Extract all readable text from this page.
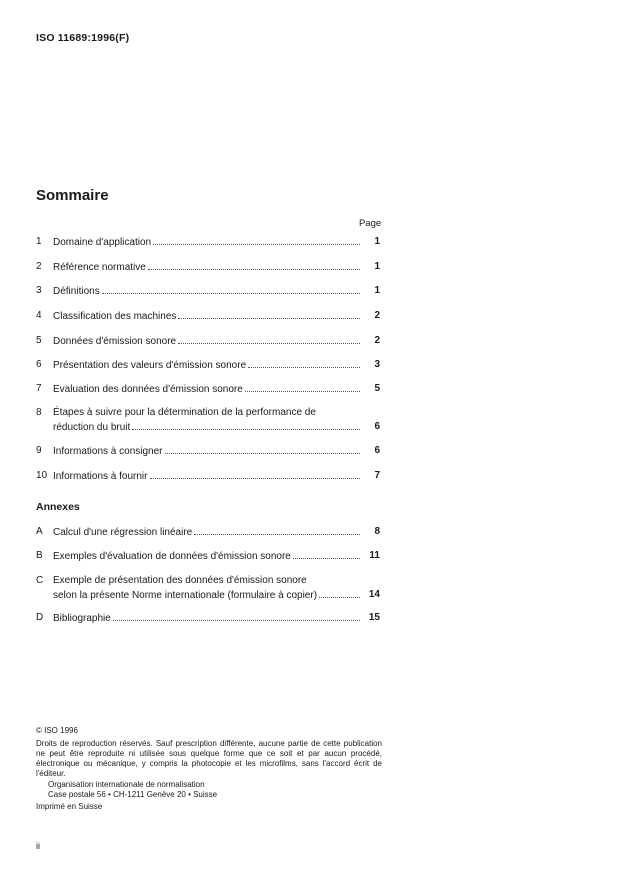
ISO 11689:1996(F)
Sommaire
Page
1	Domaine d'application	1
2	Référence normative	1
3	Définitions	1
4	Classification des machines	2
5	Données d'émission sonore	2
6	Présentation des valeurs d'émission sonore	3
7	Evaluation des données d'émission sonore	5
8	Étapes à suivre pour la détermination de la performance de
réduction du bruit	6
9	Informations à consigner	6
10 Informations à fournir	7
Annexes
A	Calcul d'une régression linéaire	8
B	Exemples d'évaluation de données d'émission sonore	11
C Exemple de présentation des données d'émission sonore
selon la présente Norme internationale (formulaire à copier)	14
D Bibliographie	15
© ISO 1996
Droits de reproduction réservés. Sauf prescription différente, aucune partie de cette publication ne peut être reproduite ni utilisée sous quelque forme que ce soit et par aucun procédé, électronique ou mécanique, y compris la photocopie et les microfilms, sans l'accord écrit de l'éditeur.
Organisation internationale de normalisation
Case postale 56 • CH-1211 Genève 20 • Suisse
Imprimé en Suisse
ii
